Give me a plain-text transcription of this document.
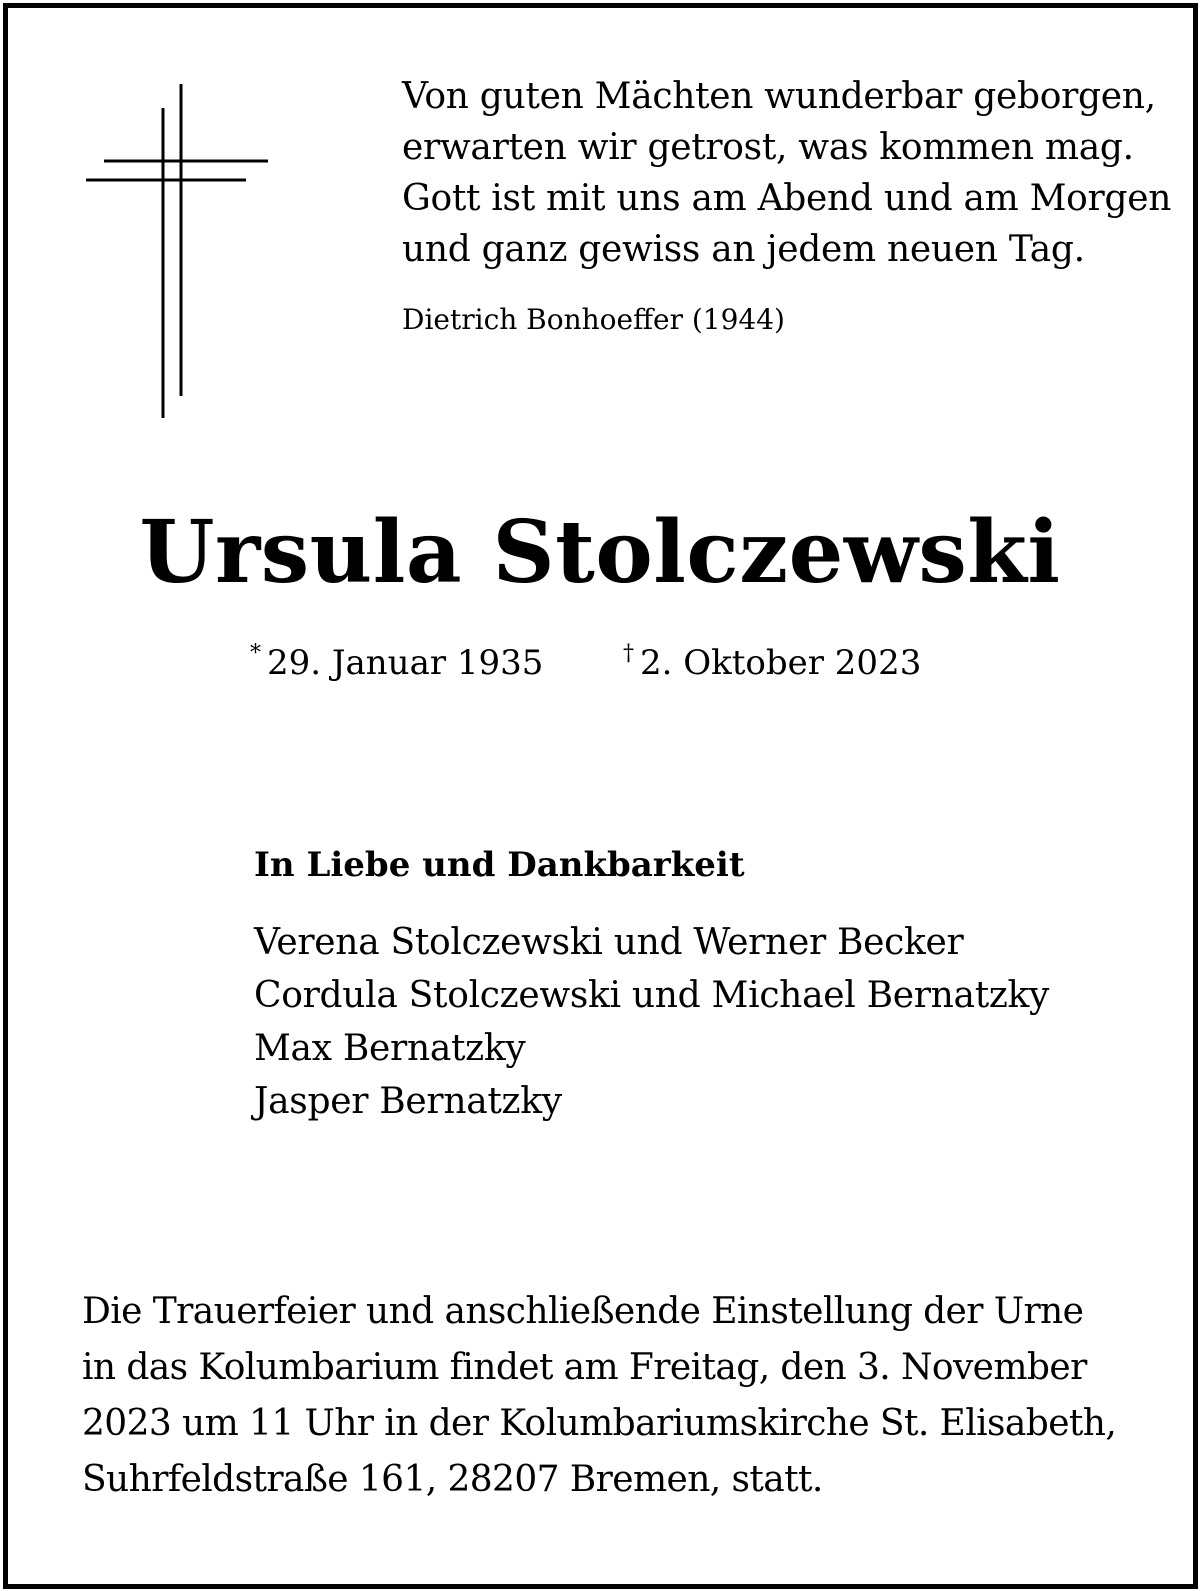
Von guten Mächten wunderbar geborgen,
erwarten wir getrost, was kommen mag.
Gott ist mit uns am Abend und am Morgen
und ganz gewiss an jedem neuen Tag.
Dietrich Bonhoeffer (1944)
Ursula Stolczewski
* 29. Januar 1935	† 2. Oktober 2023
In Liebe und Dankbarkeit
Verena Stolczewski und Werner Becker
Cordula Stolczewski und Michael Bernatzky
Max Bernatzky
Jasper Bernatzky
Die Trauerfeier und anschließende Einstellung der Urne
in das Kolumbarium findet am Freitag, den 3. November
2023 um 11 Uhr in der Kolumbariumskirche St. Elisabeth,
Suhrfeldstraße 161, 28207 Bremen, statt.
